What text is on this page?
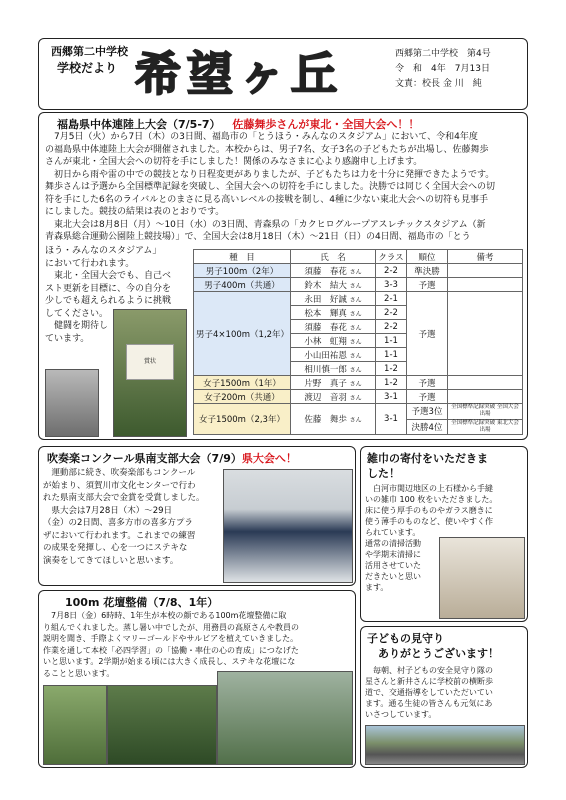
西郷第二中学校
学校だより 希望ヶ丘	西郷第二中学校　 第4号
令　和　 4年　 7月13日
文責：校長 金 川　純
福島県中体連陸上大会（7/5-7） 佐藤舞歩さんが東北・全国大会へ！！
　7月5日（火）から7日（木）の3日間、福島市の「とうほう・みんなのスタジアム」において、令和4年度
の福島県中体連陸上大会が開催されました。本校からは、男子7名、女子3名の子どもたちが出場し、佐藤舞歩
さんが東北・全国大会への切符を手にしました！関係のみなさまに心より感謝申し上げます。
　初日から雨や雷の中での競技となり日程変更がありましたが、子どもたちは力を十分に発揮できたようです。
舞歩さんは予選から全国標準記録を突破し、全国大会への切符を手にしました。決勝では同じく全国大会への切
符を手にした6名のライバルとのまさに見る高いレベルの接戦を制し、4種に少ない東北大会への切符も見事手
にしました。競技の結果は表のとおりです。
　東北大会は8月8日（月）～10日（水）の3日間、青森県の「カクヒログループアスレチックスタジアム（新
青森県総合運動公園陸上競技場）」で、全国大会は8月18日（木）～21日（日）の4日間、福島市の「とう
ほう・みんなのスタジアム」
において行われます。
　東北・全国大会でも、自己ベ
スト更新を目標に、今の自分を
少しでも超えられるように挑戦
してください。
　健闘を期待し
ています。
賞状
種　目	氏　名	クラス	順位	備考
男子100m（2年）	須藤　春花 さん	2-2	準決勝	
男子400m（共通）	鈴木　結大 さん	3-3	予選	
男子4×100m（1,2年）	永田　好誠 さん	2-1	予選	
	松本　輝真 さん	2-2		
	須藤　春花 さん	2-2		
	小林　虹翔 さん	1-1		
	小山田祐恩 さん	1-1		
	相川慎一郎 さん	1-2		
女子1500m（1年）	片野　真子 さん	1-2	予選	
女子200m（共通）	渡辺　音羽 さん	3-1	予選	
女子1500m（2,3年）	佐藤　舞歩 さん	3-1	予選3位	全国標準記録突破 全国大会出場
			決勝4位	全国標準記録突破 東北大会出場
吹奏楽コンクール県南支部大会（7/9）県大会へ！
　運動部に続き、吹奏楽部もコンクール
が始まり、須賀川市文化センターで行わ
れた県南支部大会で金賞を受賞しました。
　県大会は7月28日（木）～29日
（金）の2日間、喜多方市の喜多方プラ
ザにおいて行われます。これまでの練習
の成果を発揮し、心を一つにステキな
演奏をしてきてほしいと思います。
雑巾の寄付をいただきま
した！
　白河市関辺地区の上石様から手縫
いの雑巾 100 枚をいただきました。
床に使う厚手のものやガラス磨きに
使う薄手のものなど、使いやすく作
られています。
通常の清掃活動
や学期末清掃に
活用させていた
だきたいと思い
ます。
100m 花壇整備（7/8、1年）
　7月8日（金）6時時、1年生が本校の顔である100m花壇整備に取
り組んでくれました。蒸し暑い中でしたが、用務員の高原さんや教員の
説明を聞き、手際よくマリーゴールドやサルビアを植えていきました。
作業を通して本校「必四学習」の「協働・率仕の心の育成」につなげた
いと思います。2学期が始まる頃には大きく成長し、ステキな花壇にな
ることと思います。
子どもの見守り
　ありがとうございます！
　毎朝、村子どもの安全見守り隊の
星さんと新井さんに学校前の横断歩
道で、交通指導をしていただいてい
ます。通る生徒の皆さんも元気にあ
いさつしています。
